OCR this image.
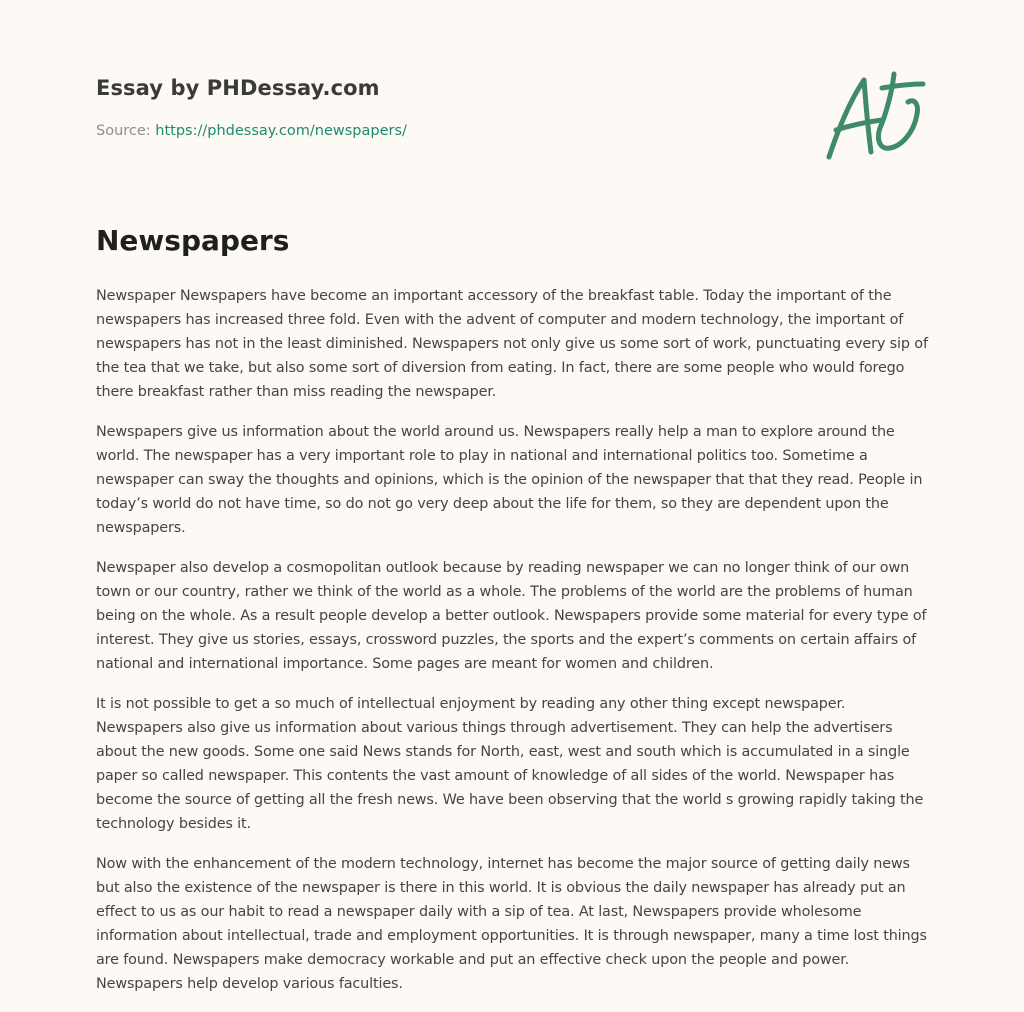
Essay by PHDessay.com
Source: https://phdessay.com/newspapers/
Newspapers

Newspaper Newspapers have become an important accessory of the breakfast table. Today the important of the newspapers has increased three fold. Even with the advent of computer and modern technology, the important of newspapers has not in the least diminished. Newspapers not only give us some sort of work, punctuating every sip of the tea that we take, but also some sort of diversion from eating. In fact, there are some people who would forego there breakfast rather than miss reading the newspaper.

Newspapers give us information about the world around us. Newspapers really help a man to explore around the world. The newspaper has a very important role to play in national and international politics too. Sometime a newspaper can sway the thoughts and opinions, which is the opinion of the newspaper that that they read. People in today’s world do not have time, so do not go very deep about the life for them, so they are dependent upon the newspapers.

Newspaper also develop a cosmopolitan outlook because by reading newspaper we can no longer think of our own town or our country, rather we think of the world as a whole. The problems of the world are the problems of human being on the whole. As a result people develop a better outlook. Newspapers provide some material for every type of interest. They give us stories, essays, crossword puzzles, the sports and the expert’s comments on certain affairs of national and international importance. Some pages are meant for women and children.

It is not possible to get a so much of intellectual enjoyment by reading any other thing except newspaper. Newspapers also give us information about various things through advertisement. They can help the advertisers about the new goods. Some one said News stands for North, east, west and south which is accumulated in a single paper so called newspaper. This contents the vast amount of knowledge of all sides of the world. Newspaper has become the source of getting all the fresh news. We have been observing that the world s growing rapidly taking the technology besides it.

Now with the enhancement of the modern technology, internet has become the major source of getting daily news but also the existence of the newspaper is there in this world. It is obvious the daily newspaper has already put an effect to us as our habit to read a newspaper daily with a sip of tea. At last, Newspapers provide wholesome information about intellectual, trade and employment opportunities. It is through newspaper, many a time lost things are found. Newspapers make democracy workable and put an effective check upon the people and power. Newspapers help develop various faculties.
